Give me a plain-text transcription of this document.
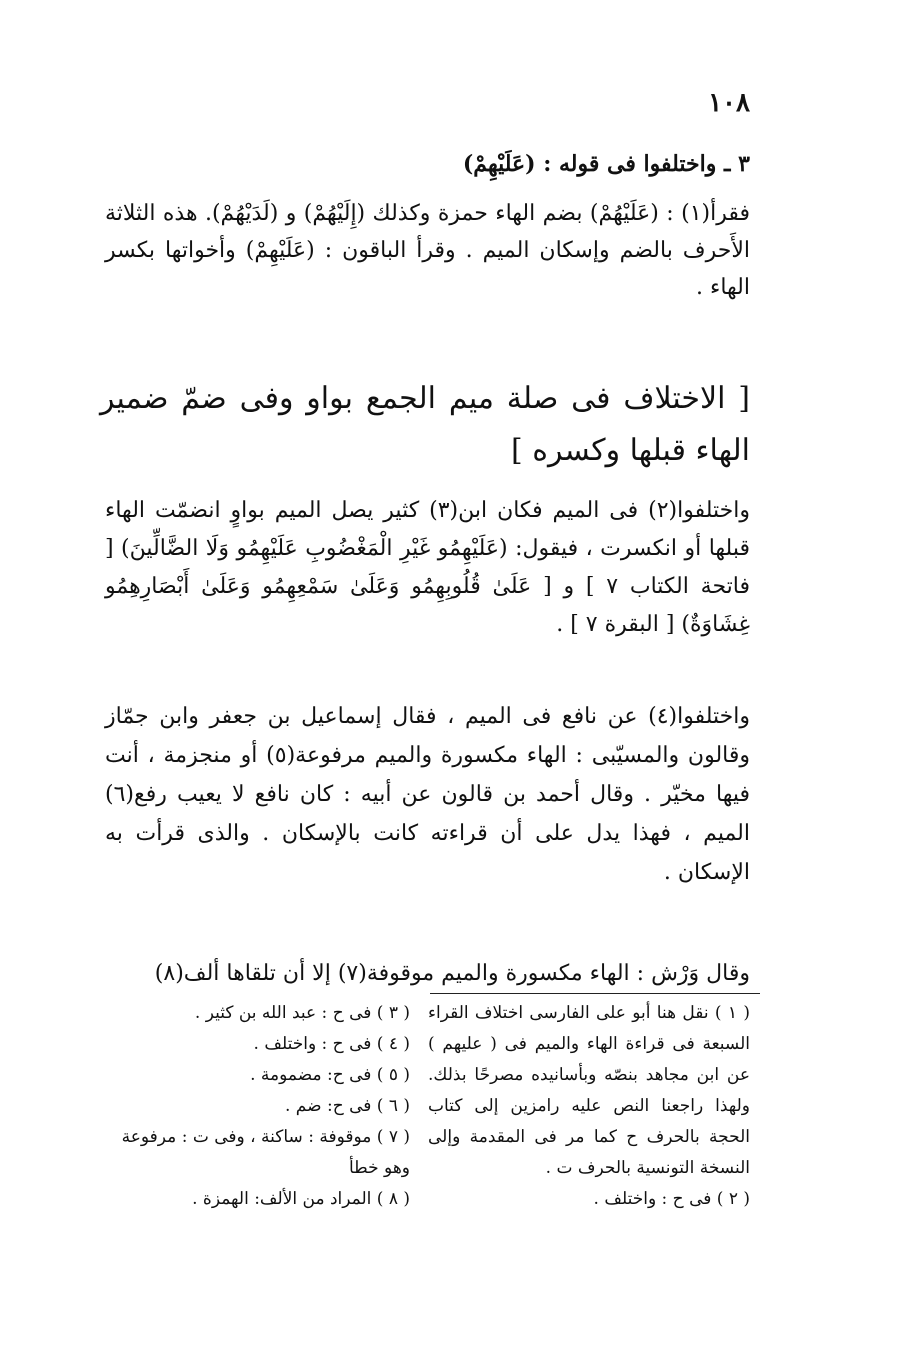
١٠٨
٣ ـ واختلفوا فى قوله : (عَلَيْهِمْ)
فقرأ(١) : (عَلَيْهُمْ) بضم الهاء حمزة وكذلك (إِلَيْهُمْ) و (لَدَيْهُمْ). هذه الثلاثة الأَحرف بالضم وإسكان الميم . وقرأ الباقون : (عَلَيْهِمْ) وأخواتها بكسر الهاء .
[ الاختلاف فى صلة ميم الجمع بواو وفى ضمّ ضمير الهاء قبلها وكسره ]
واختلفوا(٢) فى الميم فكان ابن(٣) كثير يصل الميم بواوٍ انضمّت الهاء قبلها أو انكسرت ، فيقول: (عَلَيْهِمُو غَيْرِ الْمَغْضُوبِ عَلَيْهِمُو وَلَا الضَّالِّينَ) [ فاتحة الكتاب ٧ ] و [ عَلَىٰ قُلُوبِهِمُو وَعَلَىٰ سَمْعِهِمُو وَعَلَىٰ أَبْصَارِهِمُو غِشَاوَةٌ) [ البقرة ٧ ] .
واختلفوا(٤) عن نافع فى الميم ، فقال إسماعيل بن جعفر وابن جمّاز وقالون والمسيّبى : الهاء مكسورة والميم مرفوعة(٥) أو منجزمة ، أنت فيها مخيّر . وقال أحمد بن قالون عن أبيه : كان نافع لا يعيب رفع(٦) الميم ، فهذا يدل على أن قراءته كانت بالإسكان . والذى قرأت به الإسكان .
وقال وَرْش : الهاء مكسورة والميم موقوفة(٧) إلا أن تلقاها ألف(٨)
( ١ ) نقل هنا أبو على الفارسى اختلاف القراء السبعة فى قراءة الهاء والميم فى ( عليهم ) عن ابن مجاهد بنصّه وبأسانيده مصرحًا بذلك. ولهذا راجعنا النص عليه رامزين إلى كتاب الحجة بالحرف ح كما مر فى المقدمة وإلى النسخة التونسية بالحرف ت .
( ٢ ) فى ح : واختلف .
( ٣ ) فى ح : عبد الله بن كثير .
( ٤ ) فى ح : واختلف .
( ٥ ) فى ح: مضمومة .
( ٦ ) فى ح: ضم .
( ٧ ) موقوفة : ساكنة ، وفى ت : مرفوعة وهو خطأ
( ٨ ) المراد من الألف: الهمزة .
